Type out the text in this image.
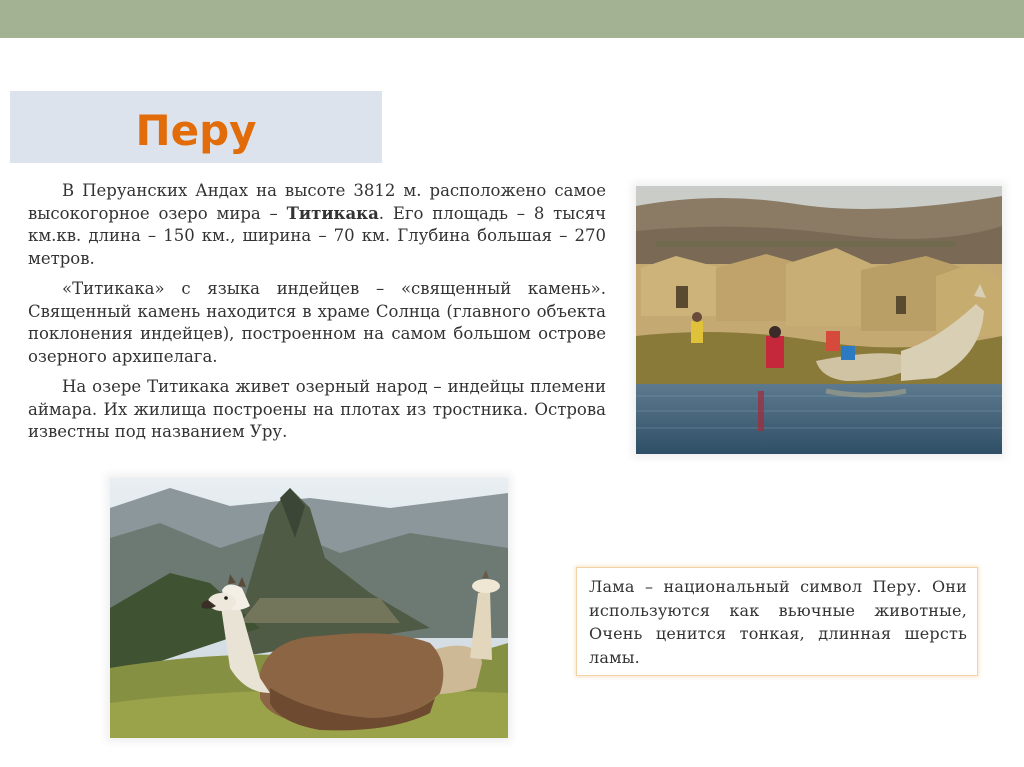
Перу

В Перуанских Андах на высоте 3812 м. расположено самое высокогорное озеро мира – Титикака. Его площадь – 8 тысяч км.кв. длина – 150 км., ширина – 70 км. Глубина большая – 270 метров.

«Титикака» с языка индейцев – «священный камень». Священный камень находится в храме Солнца (главного объекта поклонения индейцев), построенном на самом большом острове озерного архипелага.

На озере Титикака живет озерный народ – индейцы племени аймара. Их жилища построены на плотах из тростника. Острова известны под названием Уру.

Лама – национальный символ Перу. Они используются как вьючные животные, Очень ценится тонкая, длинная шерсть ламы.
